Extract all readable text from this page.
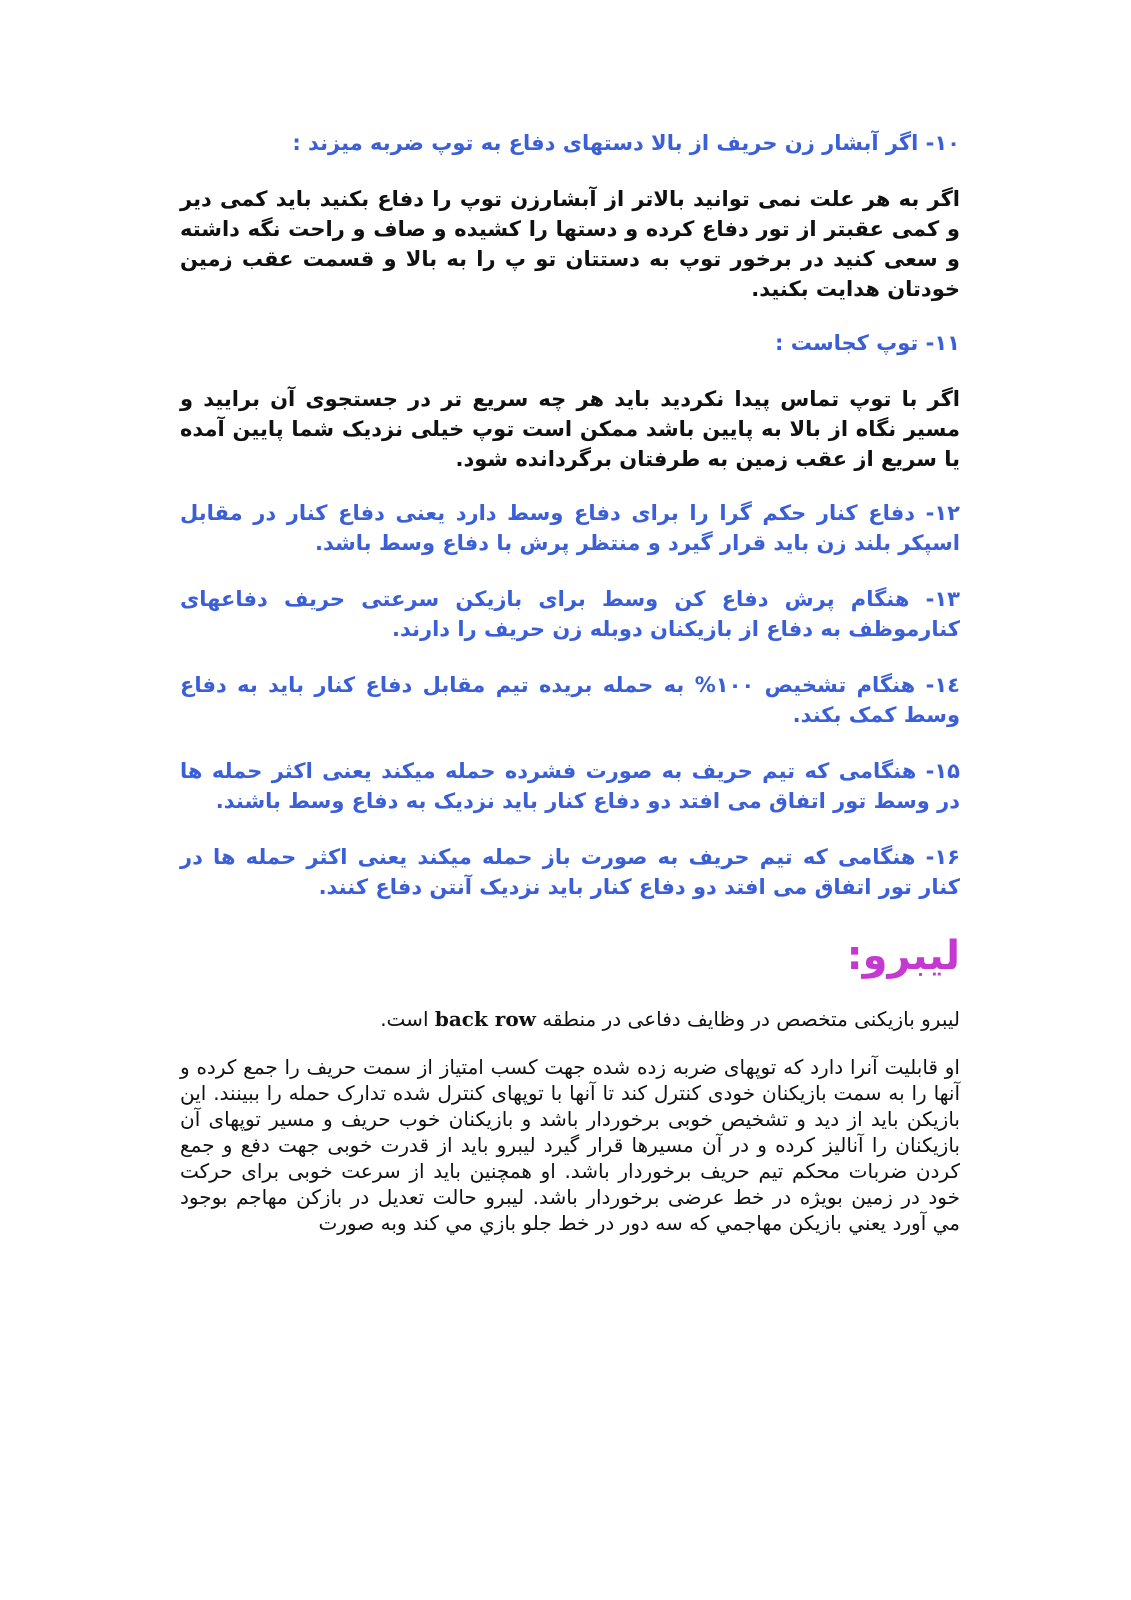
۱۰- اگر آبشار زن حریف از بالا دستهای دفاع به توپ ضربه میزند :

اگر به هر علت نمی توانید بالاتر از آبشارزن توپ را دفاع بکنید باید کمی دیر و کمی عقبتر از تور دفاع کرده و دستها را کشیده و صاف و راحت نگه داشته و سعی کنید در برخور توپ به دستتان تو پ را به بالا و قسمت عقب زمین خودتان هدایت بکنید.

۱۱- توپ کجاست :

اگر با توپ تماس پیدا نکردید باید هر چه سریع تر در جستجوی آن برایید و مسیر نگاه از بالا به پایین باشد ممکن است توپ خیلی نزدیک شما پایین آمده یا سریع از عقب زمین به طرفتان برگردانده شود.

۱۲- دفاع کنار حکم گرا را برای دفاع وسط دارد یعنی دفاع کنار در مقابل اسپکر بلند زن باید قرار گیرد و منتظر پرش با دفاع وسط باشد.

۱۳- هنگام پرش دفاع کن وسط برای بازیکن سرعتی حریف دفاعهای کنارموظف به دفاع از بازیکنان دوبله زن حریف را دارند.

۱٤- هنگام تشخیص ۱۰۰% به حمله بریده تیم مقابل دفاع کنار باید به دفاع وسط کمک بکند.

۱۵- هنگامی که تیم حریف به صورت فشرده حمله میکند یعنی اکثر حمله ها در وسط تور اتفاق می افتد دو دفاع کنار باید نزدیک به دفاع وسط باشند.

۱۶- هنگامی که تیم حریف به صورت باز حمله میکند یعنی اکثر حمله ها در کنار تور اتفاق می افتد دو دفاع کنار باید نزدیک آنتن دفاع کنند.

لیبرو:

لیبرو بازیکنی متخصص در وظایف دفاعی در منطقه back row است.

او قابلیت آنرا دارد که توپهای ضربه زده شده جهت کسب امتیاز از سمت حریف را جمع کرده و آنها را به سمت بازیکنان خودی کنترل کند تا آنها با توپهای کنترل شده تدارک حمله را ببینند. این بازیکن باید از دید و تشخیص خوبی برخوردار باشد و بازیکنان خوب حریف و مسیر توپهای آن بازیکنان را آنالیز کرده و در آن مسیرها قرار گیرد لیبرو باید از قدرت خوبی جهت دفع و جمع کردن ضربات محکم تیم حریف برخوردار باشد. او همچنین باید از سرعت خوبی برای حرکت خود در زمین بویژه در خط عرضی برخوردار باشد. لیبرو حالت تعدیل در بازکن مهاجم بوجود مي آورد یعني بازیکن مهاجمي که سه دور در خط جلو بازي مي کند وبه صورت
